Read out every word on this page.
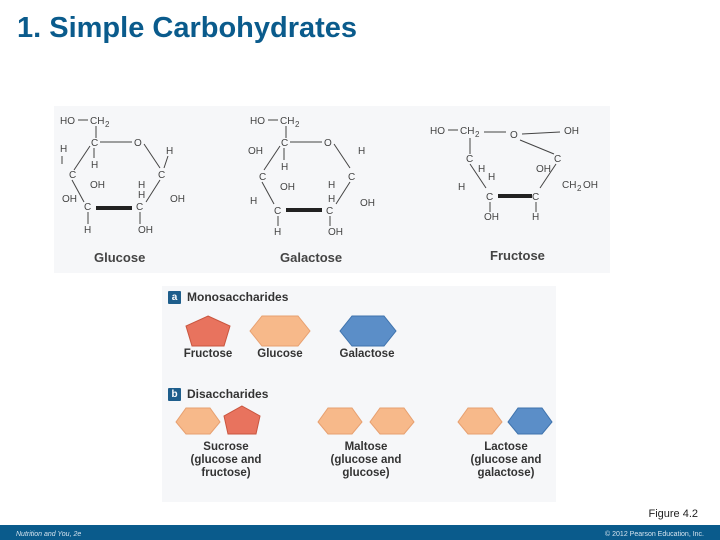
1. Simple Carbohydrates
HO CH 2
C	O
H
C	C
H
H
OH
OH
H
OH
C	C
H
H	OH
Glucose
HO CH 2
C	O
OH
C	C
H
H
OH	H
H	OH
C	C
H
H	OH
Galactose
HO CH 2	O	OH
C	C
H	OH
H	CH 2 OH
C	C
H
OH	H
Fructose
a Monosaccharides
Fructose	Glucose	Galactose
b Disaccharides
Sucrose
(glucose and
fructose)
Maltose
(glucose and
glucose)
Lactose
(glucose and
galactose)
Figure 4.2
Nutrition and You, 2e	© 2012 Pearson Education, Inc.
